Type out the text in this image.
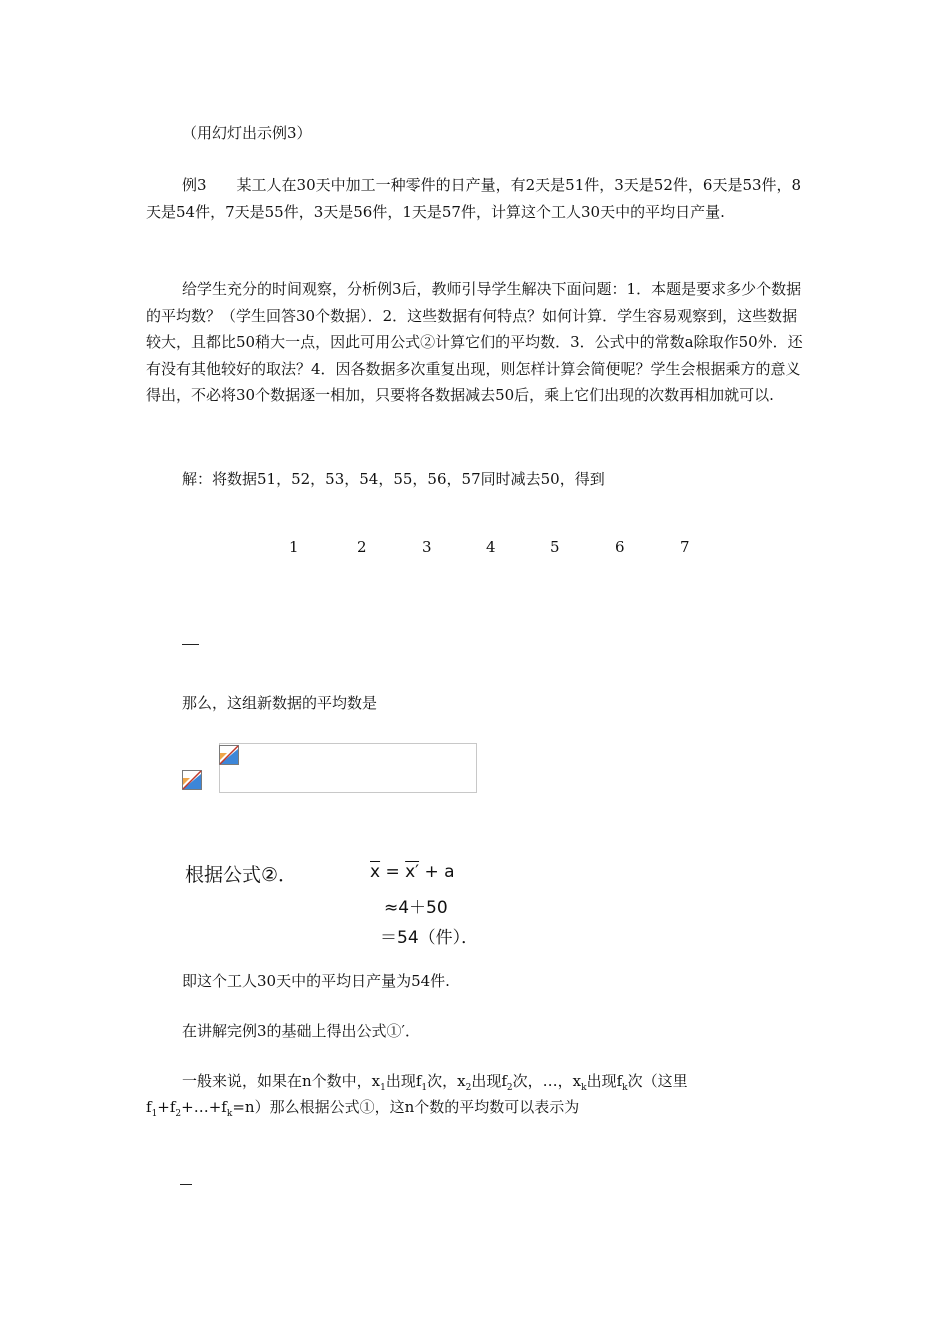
（用幻灯出示例3）
例3　　某工人在30天中加工一种零件的日产量，有2天是51件，3天是52件，6天是53件，8天是54件，7天是55件，3天是56件，1天是57件，计算这个工人30天中的平均日产量.
给学生充分的时间观察，分析例3后，教师引导学生解决下面问题：1．本题是要求多少个数据的平均数？（学生回答30个数据）．2．这些数据有何特点？如何计算．学生容易观察到，这些数据较大，且都比50稍大一点，因此可用公式②计算它们的平均数．3．公式中的常数a除取作50外．还有没有其他较好的取法？4．因各数据多次重复出现，则怎样计算会简便呢？学生会根据乘方的意义得出，不必将30个数据逐一相加，只要将各数据减去50后，乘上它们出现的次数再相加就可以.
解：将数据51，52，53，54，55，56，57同时减去50，得到
1	2	3	4	5	6	7
那么，这组新数据的平均数是
根据公式②．	$\overline{x} = x' + a$
≈4＋50
＝54（件）．
即这个工人30天中的平均日产量为54件.
在讲解完例3的基础上得出公式①′．
一般来说，如果在n个数中，$x_1$出现$f_1$次，$x_2$出现$f_2$次，…，$x_k$出现$f_k$次（这里
$f_1+f_2+\dots+f_k=n$）那么根据公式①，这n个数的平均数可以表示为
